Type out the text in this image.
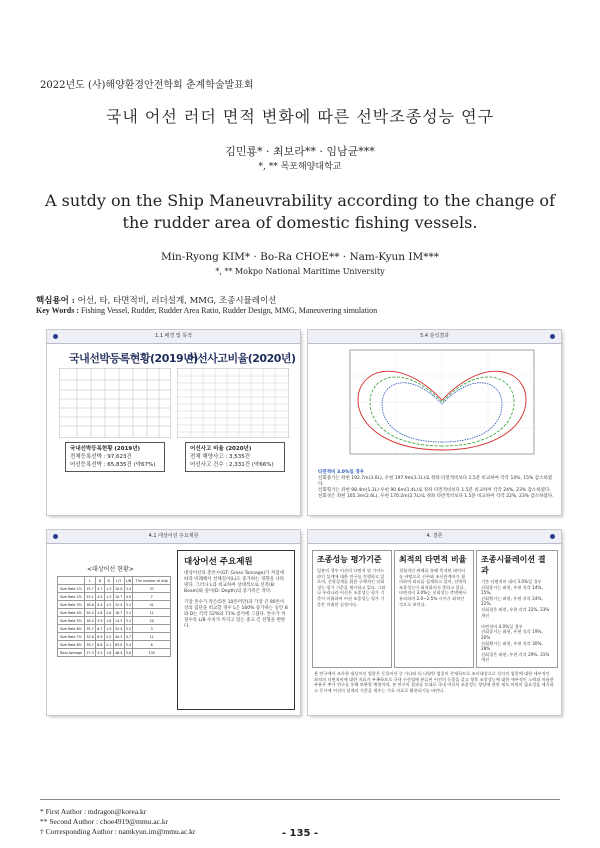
2022년도 (사)해양환경안전학회 춘계학술발표회
국내 어선 러더 면적 변화에 따른 선박조종성능 연구
김민룡* · 최보라** · 임남균***
*, ** 목포해양대학교
A sutdy on the Ship Maneuvrability according to the change of the rudder area of domestic fishing vessels.
Min-Ryong KIM* · Bo-Ra CHOE** · Nam-Kyun IM***
*, ** Mokpo National Maritime University
핵심용어 : 어선, 타, 타면적비, 러더설계, MMG, 조종시뮬레이션
Key Words : Fishing Vessel, Rudder, Rudder Area Ratio, Rudder Design, MMG, Maneuvering simulation
1.1 배경 및 목적
국내선박등록현황(2019년)
어선사고비율(2020년)
국내선박등록현황 (2019년)
전체등록선박 : 97,623건
어선등록선박 : 65,835건 (약67%)
어선사고 비율 (2020년)
전체 해양사고 : 3,535건
어선사고 건수 : 2,331건 (약66%)
5.4 분석결과
타면적비 3.0%일 경우
선회종거는 좌현 192.7m(3.0L), 우현 197.9m(3.1L)로 정좌 타면적비보다 1.5분 비교하여 각각 14%, 15% 감소하였다.
선회횡거는 좌현 98.4m(1.3L) 우현 90.6m(1.4L)로 정좌 타면적비보다 1.5분 비교하여 각각 24%, 23% 감소하였다.
선회경은 좌현 165.3m(2.6L), 우현 170.2m(2.7L)로 정좌 타면적비보다 1.5분 비교하여 각각 22%, 23% 감소하였다.
4.1 대상어선 주요제원
<대상어선 현황>
	L	B	D	L/T	L/B	The number of ship
Size Rate 1%	15.7	4.7	1.3	10.0	3.4	37
Size Rate 2%	23.1	4.5	1.3	10.7	4.9	7
Size Rate 3%	16.8	5.4	1.5	12.4	3.1	41
Size Rate 4%	20.4	5.6	2.6	16.7	3.1	11
Size Rate 5%	18.4	5.9	1.8	14.3	3.1	20
Size Rate 6%	35.7	6.7	1.9	32.4	5.2	3
Size Rate 7%	32.8	6.9	2.5	40.3	4.7	11
Size Rate 8%	39.7	6.8	2.1	85.0	5.4	6
Total Average	27.3	5.5	1.6	46.4	5.0	135
대상어선 주요제원
대상어선의 총톤수(GT: Gross Tonnage)가 커짐에 따라 비례해서 선체길이(L)도 증가하는 경향을 나타낸다. 그러나 L과 비교하여 상대적으로 선폭(B: Beam)와 깊이(D: Depth)의 증가폭은 작다.
기장 톤수가 작은(5톤 10톤미만)과 가장 큰 90톤이상의 집단을 비교할 경우 L은 160% 증가하는 동안 B와 D는 각각 52%와 71% 증가에 그쳤다. 톤수가 커질수록 L/B 수치가 커지고 있는 중고 긴 선형을 띈한다.
4. 결론
조종성능 평가기준
일본의 경우 어선의 타면적 및 가이드 라인 설계에 대한 연구를 진행하고 있으며, 선형설계를 위한 구체적인 선회성능 평가 기준을 제시하고 있다. 그러나 우리나라 어선은 조종성능 평가 기준이 미흡하여 어선 조종성능 평가 기준은 미흡한 실정이다.
최적의 타면적 비율
경험적인 판례를 통해 축적된 데이터를 바탕으로 선주와 조선관계자가 협의하여 러더를 설계하고 있어, 선박의 조종성능이 최적화되지 못하고 있다. 타면적비 3.0%는 선회성능 측면에서 유리하며 2.0~2.5% 사이가 최적인 것으로 보인다.
조종시뮬레이션 결과
기존 타면적비 대비 3.0%일 경우
선회종거는 좌현, 우현 각각 14%, 15%,
선회횡거는 좌현, 우현 각각 24%, 22%,
선회경은 좌현, 우현 각각 22%, 23% 개선
타면적비 4.0%일 경우
선회종거는 좌현, 우현 각각 19%, 20%
선회횡거는 좌현, 우현 각각 30%, 28%
선회경은 좌현, 우현 각각 29%, 31% 개선
본 연구에서 조사한 대상어선 업종은 동물어선 중 가나와 더 다양한 업종이 존재하므로 조사대상으로 각각의 업종에 대한 세부적인 최적의 타면적비에 대한 지표가 부족하므로 국내 수산업에 분류된 어선의 동종을 갖고 향후 조종성능에 대한 세부적인 노력과 마름한 부분은 추가 연구를 통해 보완할 예정이며, 본 연구의 결과를 토대로 국내 어선의 조종성능 향상에 관한 제도 마련의 필요성을 제기하고 동시에 어선의 설계의 기준을 세우는 기초 자료로 활용되기를 바란다.
* First Author : mdragon@korea.kr
** Second Author : choe4919@mmu.ac.kr
† Corresponding Author : namkyun.im@mmu.ac.kr	- 135 -
